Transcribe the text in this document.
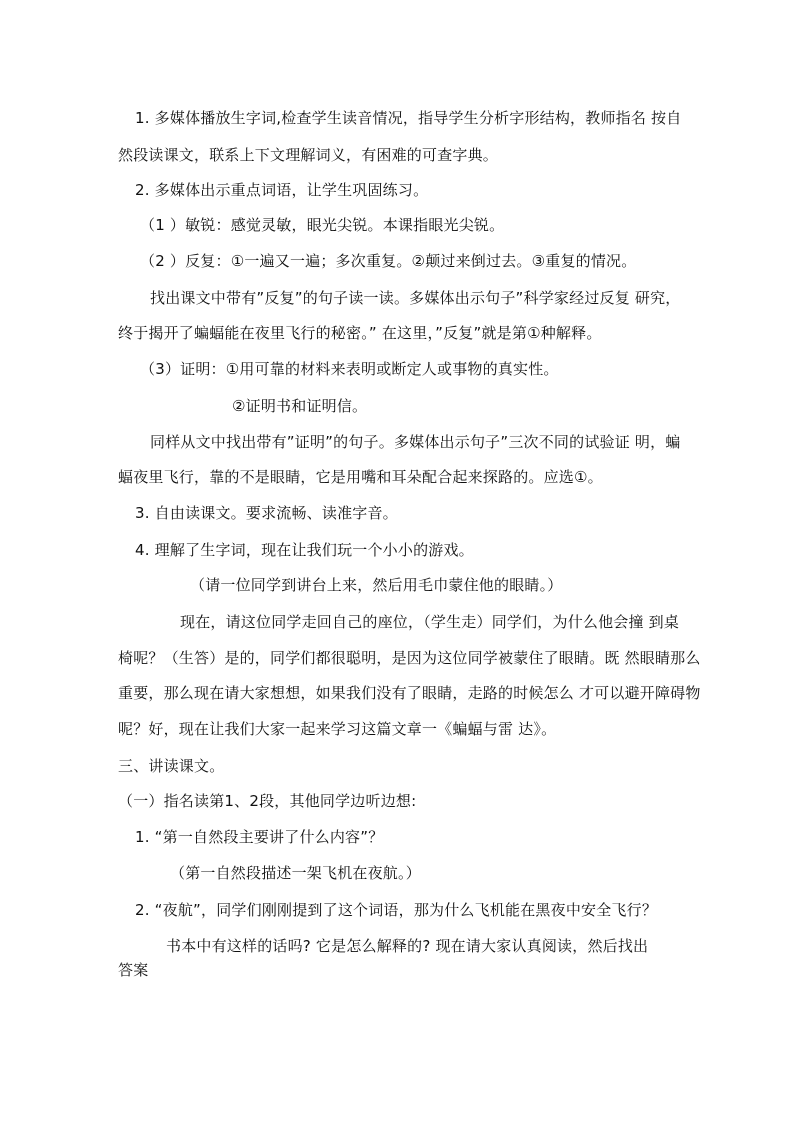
1. 多媒体播放生字词,检查学生读音情况，指导学生分析字形结构，教师指名 按自
然段读课文，联系上下文理解词义，有困难的可查字典。
2. 多媒体出示重点词语，让学生巩固练习。
（1 ）敏锐：感觉灵敏，眼光尖锐。本课指眼光尖锐。
（2 ）反复：①一遍又一遍；多次重复。②颠过来倒过去。③重复的情况。
找出课文中带有”反复”的句子读一读。多媒体出示句子”科学家经过反复 研究，
终于揭开了蝙蝠能在夜里飞行的秘密。” 在这里，”反复”就是第①种解释。
（3）证明：①用可靠的材料来表明或断定人或事物的真实性。
②证明书和证明信。
同样从文中找出带有”证明”的句子。多媒体出示句子”三次不同的试验证 明，蝙
蝠夜里飞行，靠的不是眼睛，它是用嘴和耳朵配合起来探路的。应选①。
3. 自由读课文。要求流畅、读准字音。
4. 理解了生字词，现在让我们玩一个小小的游戏。
（请一位同学到讲台上来，然后用毛巾蒙住他的眼睛。）
现在，请这位同学走回自己的座位，（学生走）同学们，为什么他会撞 到桌
椅呢？（生答）是的，同学们都很聪明，是因为这位同学被蒙住了眼睛。既 然眼睛那么
重要，那么现在请大家想想，如果我们没有了眼睛，走路的时候怎么 才可以避开障碍物
呢？好，现在让我们大家一起来学习这篇文章一《蝙蝠与雷 达》。
三、讲读课文。
（一）指名读第1、2段，其他同学边听边想:
1. “第一自然段主要讲了什么内容”？
（第一自然段描述一架飞机在夜航。）
2. “夜航”，同学们刚刚提到了这个词语，那为什么飞机能在黑夜中安全飞行？
书本中有这样的话吗? 它是怎么解释的? 现在请大家认真阅读，然后找出
答案
